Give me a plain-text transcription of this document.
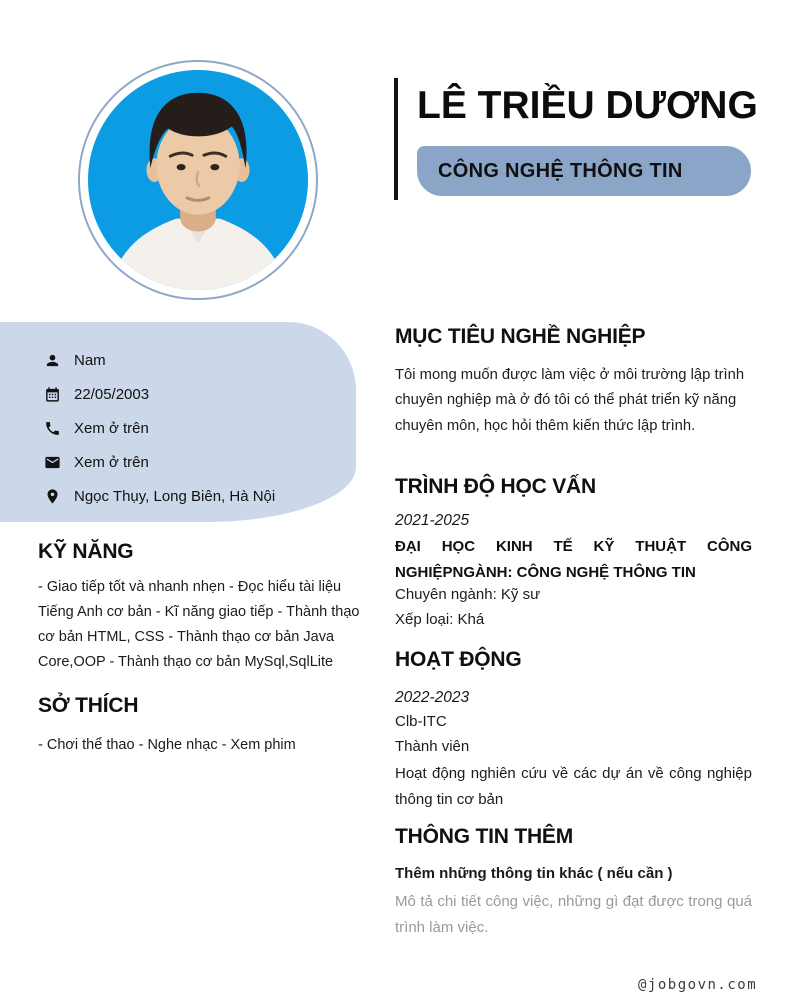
LÊ TRIỀU DƯƠNG
CÔNG NGHỆ THÔNG TIN
Nam
22/05/2003
Xem ở trên
Xem ở trên
Ngọc Thụy, Long Biên, Hà Nội
KỸ NĂNG
- Giao tiếp tốt và nhanh nhẹn - Đọc hiểu tài liệu Tiếng Anh cơ bản - Kĩ năng giao tiếp - Thành thạo cơ bản HTML, CSS - Thành thạo cơ bản Java Core,OOP - Thành thạo cơ bản MySql,SqlLite
SỞ THÍCH
- Chơi thể thao - Nghe nhạc - Xem phim
MỤC TIÊU NGHỀ NGHIỆP
Tôi mong muốn được làm việc ở môi trường lập trình chuyên nghiệp mà ở đó tôi có thể phát triển kỹ năng chuyên môn, học hỏi thêm kiến thức lập trình.
TRÌNH ĐỘ HỌC VẤN
2021-2025
ĐẠI HỌC KINH TẾ KỸ THUẬT CÔNG NGHIỆPNGÀNH: CÔNG NGHỆ THÔNG TIN
Chuyên ngành: Kỹ sư
Xếp loại: Khá
HOẠT ĐỘNG
2022-2023
Clb-ITC
Thành viên
Hoạt động nghiên cứu về các dự án về công nghiệp thông tin cơ bản
THÔNG TIN THÊM
Thêm những thông tin khác ( nếu cần )
Mô tả chi tiết công việc, những gì đạt được trong quá trình làm việc.
@jobgovn.com
